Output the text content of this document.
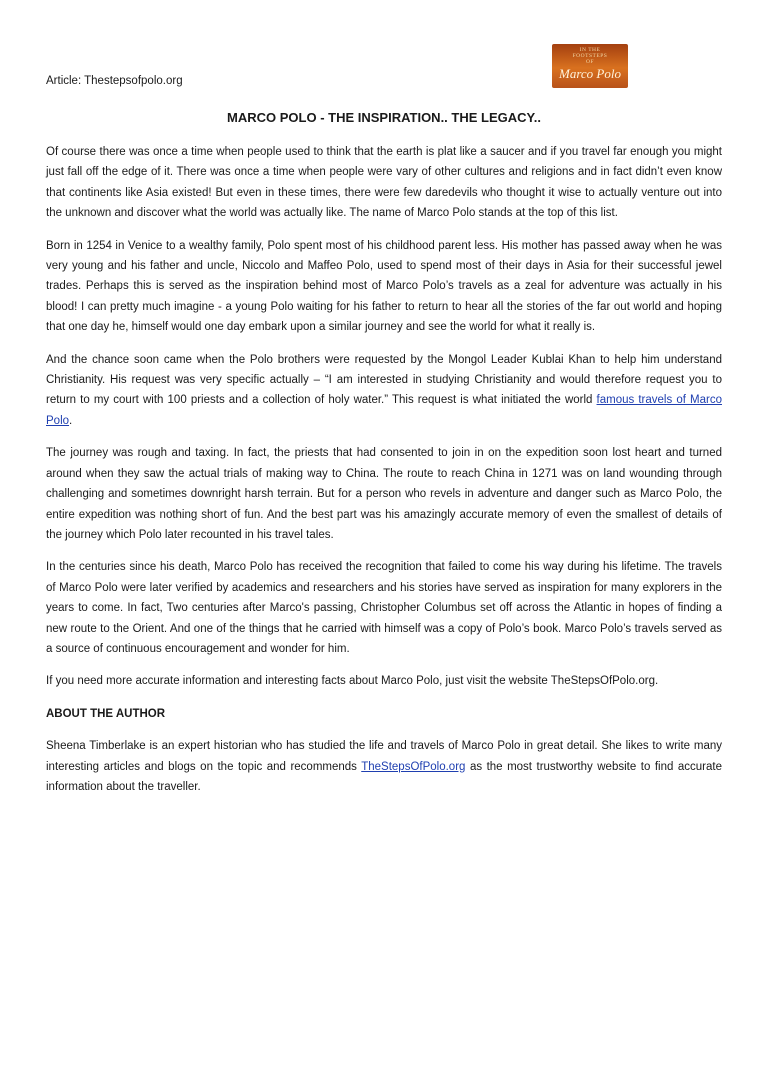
Article: Thestepsofpolo.org
IN THE
FOOTSTEPS
OF
Marco Polo
MARCO POLO - THE INSPIRATION.. THE LEGACY..

Of course there was once a time when people used to think that the earth is plat like a saucer and if you travel far enough you might just fall off the edge of it. There was once a time when people were vary of other cultures and religions and in fact didn’t even know that continents like Asia existed! But even in these times, there were few daredevils who thought it wise to actually venture out into the unknown and discover what the world was actually like. The name of Marco Polo stands at the top of this list.

Born in 1254 in Venice to a wealthy family, Polo spent most of his childhood parent less. His mother has passed away when he was very young and his father and uncle, Niccolo and Maffeo Polo, used to spend most of their days in Asia for their successful jewel trades. Perhaps this is served as the inspiration behind most of Marco Polo’s travels as a zeal for adventure was actually in his blood! I can pretty much imagine - a young Polo waiting for his father to return to hear all the stories of the far out world and hoping that one day he, himself would one day embark upon a similar journey and see the world for what it really is.

And the chance soon came when the Polo brothers were requested by the Mongol Leader Kublai Khan to help him understand Christianity. His request was very specific actually – “I am interested in studying Christianity and would therefore request you to return to my court with 100 priests and a collection of holy water.” This request is what initiated the world famous travels of Marco Polo.

The journey was rough and taxing. In fact, the priests that had consented to join in on the expedition soon lost heart and turned around when they saw the actual trials of making way to China. The route to reach China in 1271 was on land wounding through challenging and sometimes downright harsh terrain. But for a person who revels in adventure and danger such as Marco Polo, the entire expedition was nothing short of fun. And the best part was his amazingly accurate memory of even the smallest of details of the journey which Polo later recounted in his travel tales.

In the centuries since his death, Marco Polo has received the recognition that failed to come his way during his lifetime. The travels of Marco Polo were later verified by academics and researchers and his stories have served as inspiration for many explorers in the years to come. In fact, Two centuries after Marco's passing, Christopher Columbus set off across the Atlantic in hopes of finding a new route to the Orient. And one of the things that he carried with himself was a copy of Polo’s book. Marco Polo’s travels served as a source of continuous encouragement and wonder for him.

If you need more accurate information and interesting facts about Marco Polo, just visit the website TheStepsOfPolo.org.

ABOUT THE AUTHOR

Sheena Timberlake is an expert historian who has studied the life and travels of Marco Polo in great detail. She likes to write many interesting articles and blogs on the topic and recommends TheStepsOfPolo.org as the most trustworthy website to find accurate information about the traveller.
